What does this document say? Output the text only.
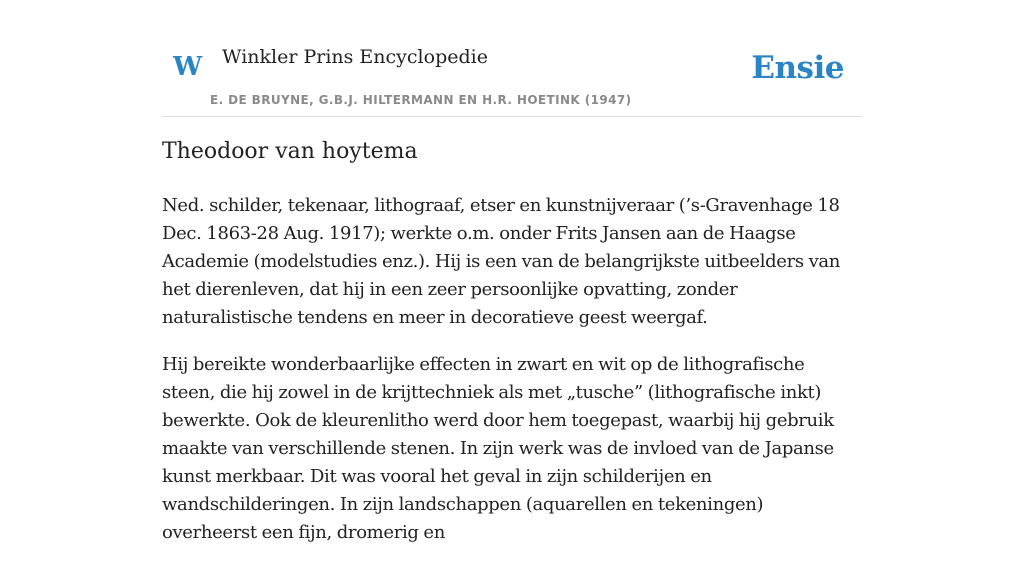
W Winkler Prins Encyclopedie
E. DE BRUYNE, G.B.J. HILTERMANN EN H.R. HOETINK (1947)
Ensie
Theodoor van hoytema

Ned. schilder, tekenaar, lithograaf, etser en kunstnijveraar (’s-Gravenhage 18 Dec. 1863-28 Aug. 1917); werkte o.m. onder Frits Jansen aan de Haagse Academie (modelstudies enz.). Hij is een van de belangrijkste uitbeelders van het dierenleven, dat hij in een zeer persoonlijke opvatting, zonder naturalistische tendens en meer in decoratieve geest weergaf.

Hij bereikte wonderbaarlijke effecten in zwart en wit op de lithografische steen, die hij zowel in de krijttechniek als met „tusche” (lithografische inkt) bewerkte. Ook de kleurenlitho werd door hem toegepast, waarbij hij gebruik maakte van verschillende stenen. In zijn werk was de invloed van de Japanse kunst merkbaar. Dit was vooral het geval in zijn schilderijen en wandschilderingen. In zijn landschappen (aquarellen en tekeningen) overheerst een fijn, dromerig en
